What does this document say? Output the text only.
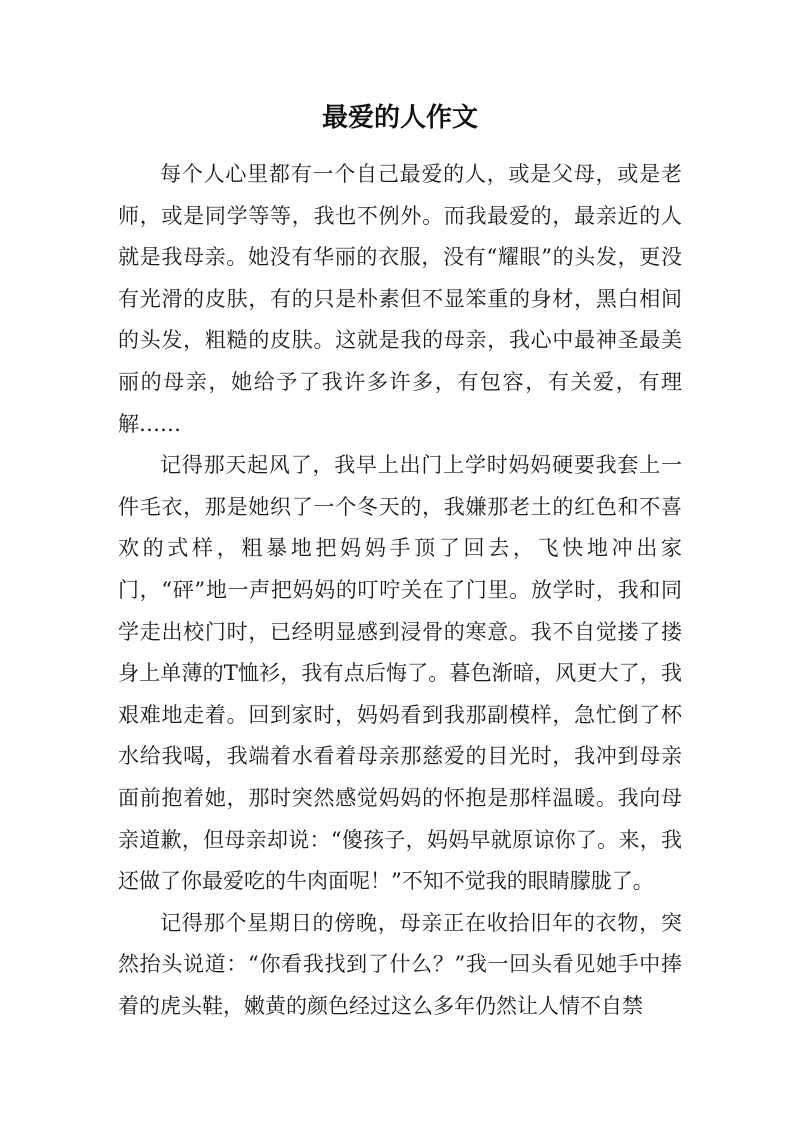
最爱的人作文

每个人心里都有一个自己最爱的人，或是父母，或是老师，或是同学等等，我也不例外。而我最爱的，最亲近的人就是我母亲。她没有华丽的衣服，没有“耀眼”的头发，更没有光滑的皮肤，有的只是朴素但不显笨重的身材，黑白相间的头发，粗糙的皮肤。这就是我的母亲，我心中最神圣最美丽的母亲，她给予了我许多许多，有包容，有关爱，有理解……

记得那天起风了，我早上出门上学时妈妈硬要我套上一件毛衣，那是她织了一个冬天的，我嫌那老土的红色和不喜欢的式样，粗暴地把妈妈手顶了回去，飞快地冲出家门，“砰”地一声把妈妈的叮咛关在了门里。放学时，我和同学走出校门时，已经明显感到浸骨的寒意。我不自觉搂了搂身上单薄的T恤衫，我有点后悔了。暮色渐暗，风更大了，我艰难地走着。回到家时，妈妈看到我那副模样，急忙倒了杯水给我喝，我端着水看着母亲那慈爱的目光时，我冲到母亲面前抱着她，那时突然感觉妈妈的怀抱是那样温暖。我向母亲道歉，但母亲却说：“傻孩子，妈妈早就原谅你了。来，我还做了你最爱吃的牛肉面呢！”不知不觉我的眼睛朦胧了。

记得那个星期日的傍晚，母亲正在收拾旧年的衣物，突然抬头说道：“你看我找到了什么？”我一回头看见她手中捧着的虎头鞋，嫩黄的颜色经过这么多年仍然让人情不自禁
